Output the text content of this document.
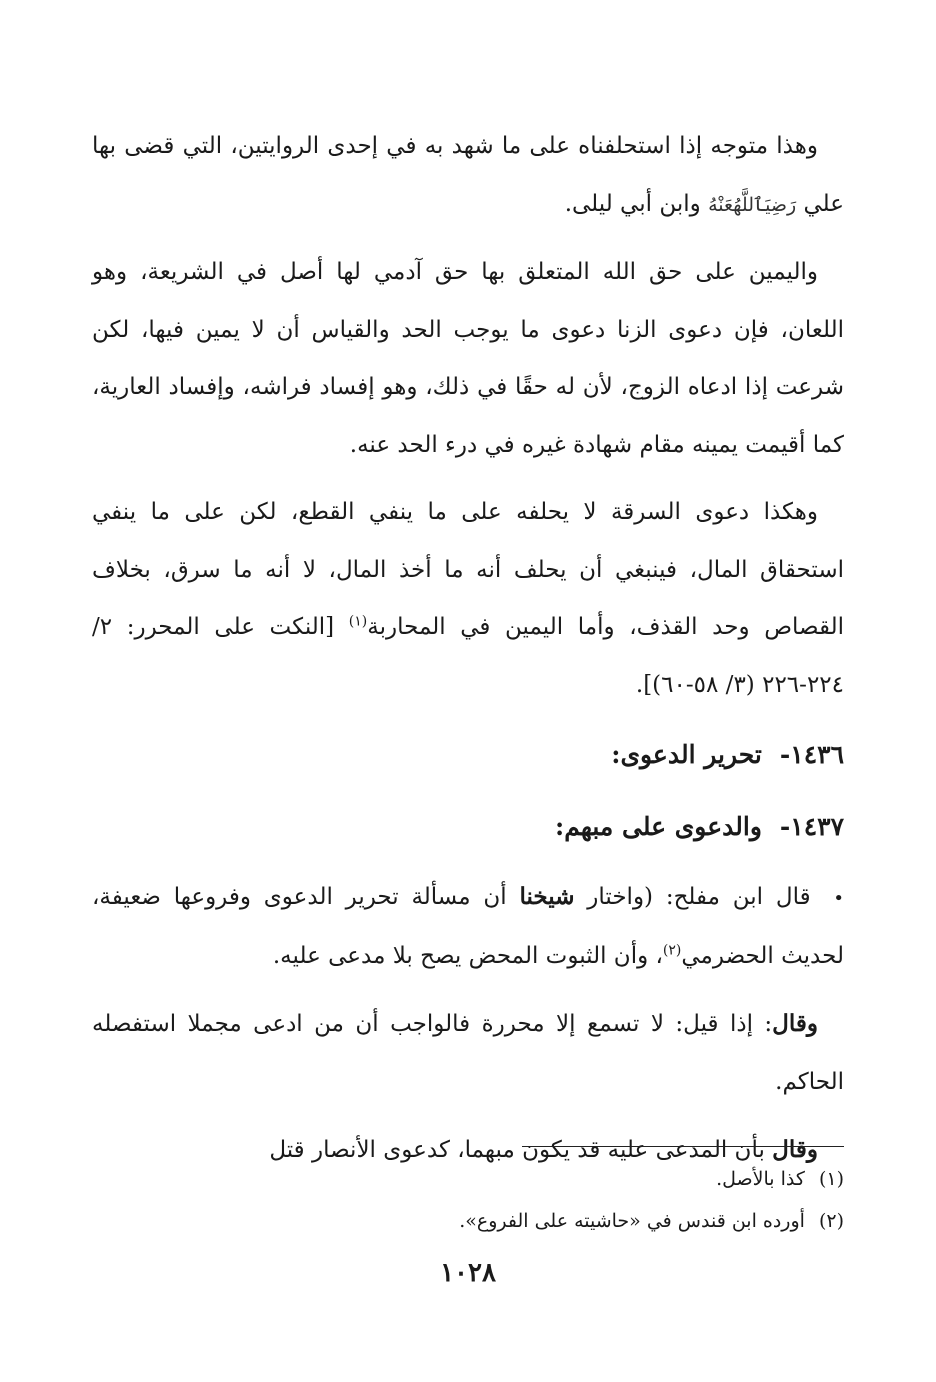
وهذا متوجه إذا استحلفناه على ما شهد به في إحدى الروايتين، التي قضى بها علي رَضِيَٱللَّهُعَنْهُ وابن أبي ليلى.

واليمين على حق الله المتعلق بها حق آدمي لها أصل في الشريعة، وهو اللعان، فإن دعوى الزنا دعوى ما يوجب الحد والقياس أن لا يمين فيها، لكن شرعت إذا ادعاه الزوج، لأن له حقًا في ذلك، وهو إفساد فراشه، وإفساد العارية، كما أقيمت يمينه مقام شهادة غيره في درء الحد عنه.

وهكذا دعوى السرقة لا يحلفه على ما ينفي القطع، لكن على ما ينفي استحقاق المال، فينبغي أن يحلف أنه ما أخذ المال، لا أنه ما سرق، بخلاف القصاص وحد القذف، وأما اليمين في المحاربة$^{(١)}$ [النكت على المحرر: ٢/ ٢٢٤-٢٢٦ (٣/ ٥٨-٦٠)].

١٤٣٦-تحرير الدعوى:
١٤٣٧-والدعوى على مبهم:

• قال ابن مفلح: (واختار شيخنا أن مسألة تحرير الدعوى وفروعها ضعيفة، لحديث الحضرمي$^{(٢)}$، وأن الثبوت المحض يصح بلا مدعى عليه.

وقال: إذا قيل: لا تسمع إلا محررة فالواجب أن من ادعى مجملا استفصله الحاكم.

وقال بأن المدعى عليه قد يكون مبهما، كدعوى الأنصار قتل

(١)كذا بالأصل.

(٢)أورده ابن قندس في «حاشيته على الفروع».

١٠٢٨
